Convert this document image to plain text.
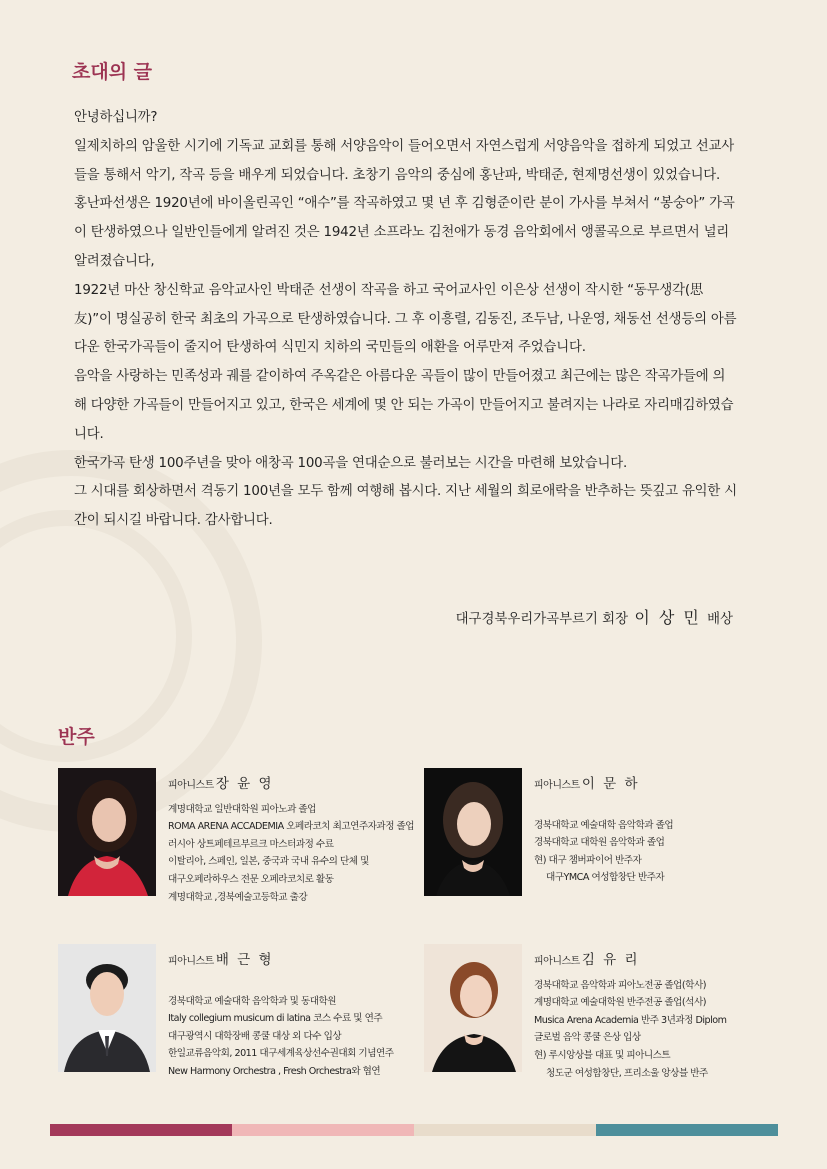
초대의 글

안녕하십니까?

일제치하의 암울한 시기에 기독교 교회를 통해 서양음악이 들어오면서 자연스럽게 서양음악을 접하게 되었고 선교사들을 통해서 악기, 작곡 등을 배우게 되었습니다. 초창기 음악의 중심에 홍난파, 박태준, 현제명선생이 있었습니다.

홍난파선생은 1920년에 바이올린곡인 “애수”를 작곡하였고 몇 년 후 김형준이란 분이 가사를 부쳐서 “봉숭아” 가곡이 탄생하였으나 일반인들에게 알려진 것은 1942년 소프라노 김천애가 동경 음악회에서 앵콜곡으로 부르면서 널리 알려졌습니다,

1922년 마산 창신학교 음악교사인 박태준 선생이 작곡을 하고 국어교사인 이은상 선생이 작시한 “동무생각(思友)”이 명실공히 한국 최초의 가곡으로 탄생하였습니다. 그 후 이흥렬, 김동진, 조두남, 나운영, 채동선 선생등의 아름다운 한국가곡들이 줄지어 탄생하여 식민지 치하의 국민들의 애환을 어루만져 주었습니다.

음악을 사랑하는 민족성과 궤를 같이하여 주옥같은 아름다운 곡들이 많이 만들어졌고 최근에는 많은 작곡가들에 의해 다양한 가곡들이 만들어지고 있고, 한국은 세계에 몇 안 되는 가곡이 만들어지고 불려지는 나라로 자리매김하였습니다.

한국가곡 탄생 100주년을 맞아 애창곡 100곡을 연대순으로 불러보는 시간을 마련해 보았습니다.

그 시대를 회상하면서 격동기 100년을 모두 함께 여행해 봅시다. 지난 세월의 희로애락을 반추하는 뜻깊고 유익한 시간이 되시길 바랍니다. 감사합니다.

대구경북우리가곡부르기 회장 이 상 민 배상
반주
피아니스트 장 윤 영
계명대학교 일반대학원 피아노과 졸업
ROMA ARENA ACCADEMIA 오페라코치 최고연주자과정 졸업
러시아 상트페테르부르크 마스터과정 수료
이탈리아, 스페인, 일본, 중국과 국내 유수의 단체 및
대구오페라하우스 전문 오페라코치로 활동
계명대학교 ,경북예술고등학교 출강
피아니스트 이 문 하
경북대학교 예술대학 음악학과 졸업
경북대학교 대학원 음악학과 졸업
현) 대구 챔버파이어 반주자
대구YMCA 여성합창단 반주자
피아니스트 배 근 형
경북대학교 예술대학 음악학과 및 동대학원
Italy collegium musicum di latina 코스 수료 및 연주
대구광역시 대학장배 콩쿨 대상 외 다수 입상
한일교류음악회, 2011 대구세계육상선수권대회 기념연주
New Harmony Orchestra , Fresh Orchestra와 협연
피아니스트 김 유 리
경북대학교 음악학과 피아노전공 졸업(학사)
계명대학교 예술대학원 반주전공 졸업(석사)
Musica Arena Academia 반주 3년과정 Diplom
글로벌 음악 콩쿨 은상 입상
현) 루시앙상블 대표 및 피아니스트
청도군 여성합창단, 프리소울 앙상블 반주
